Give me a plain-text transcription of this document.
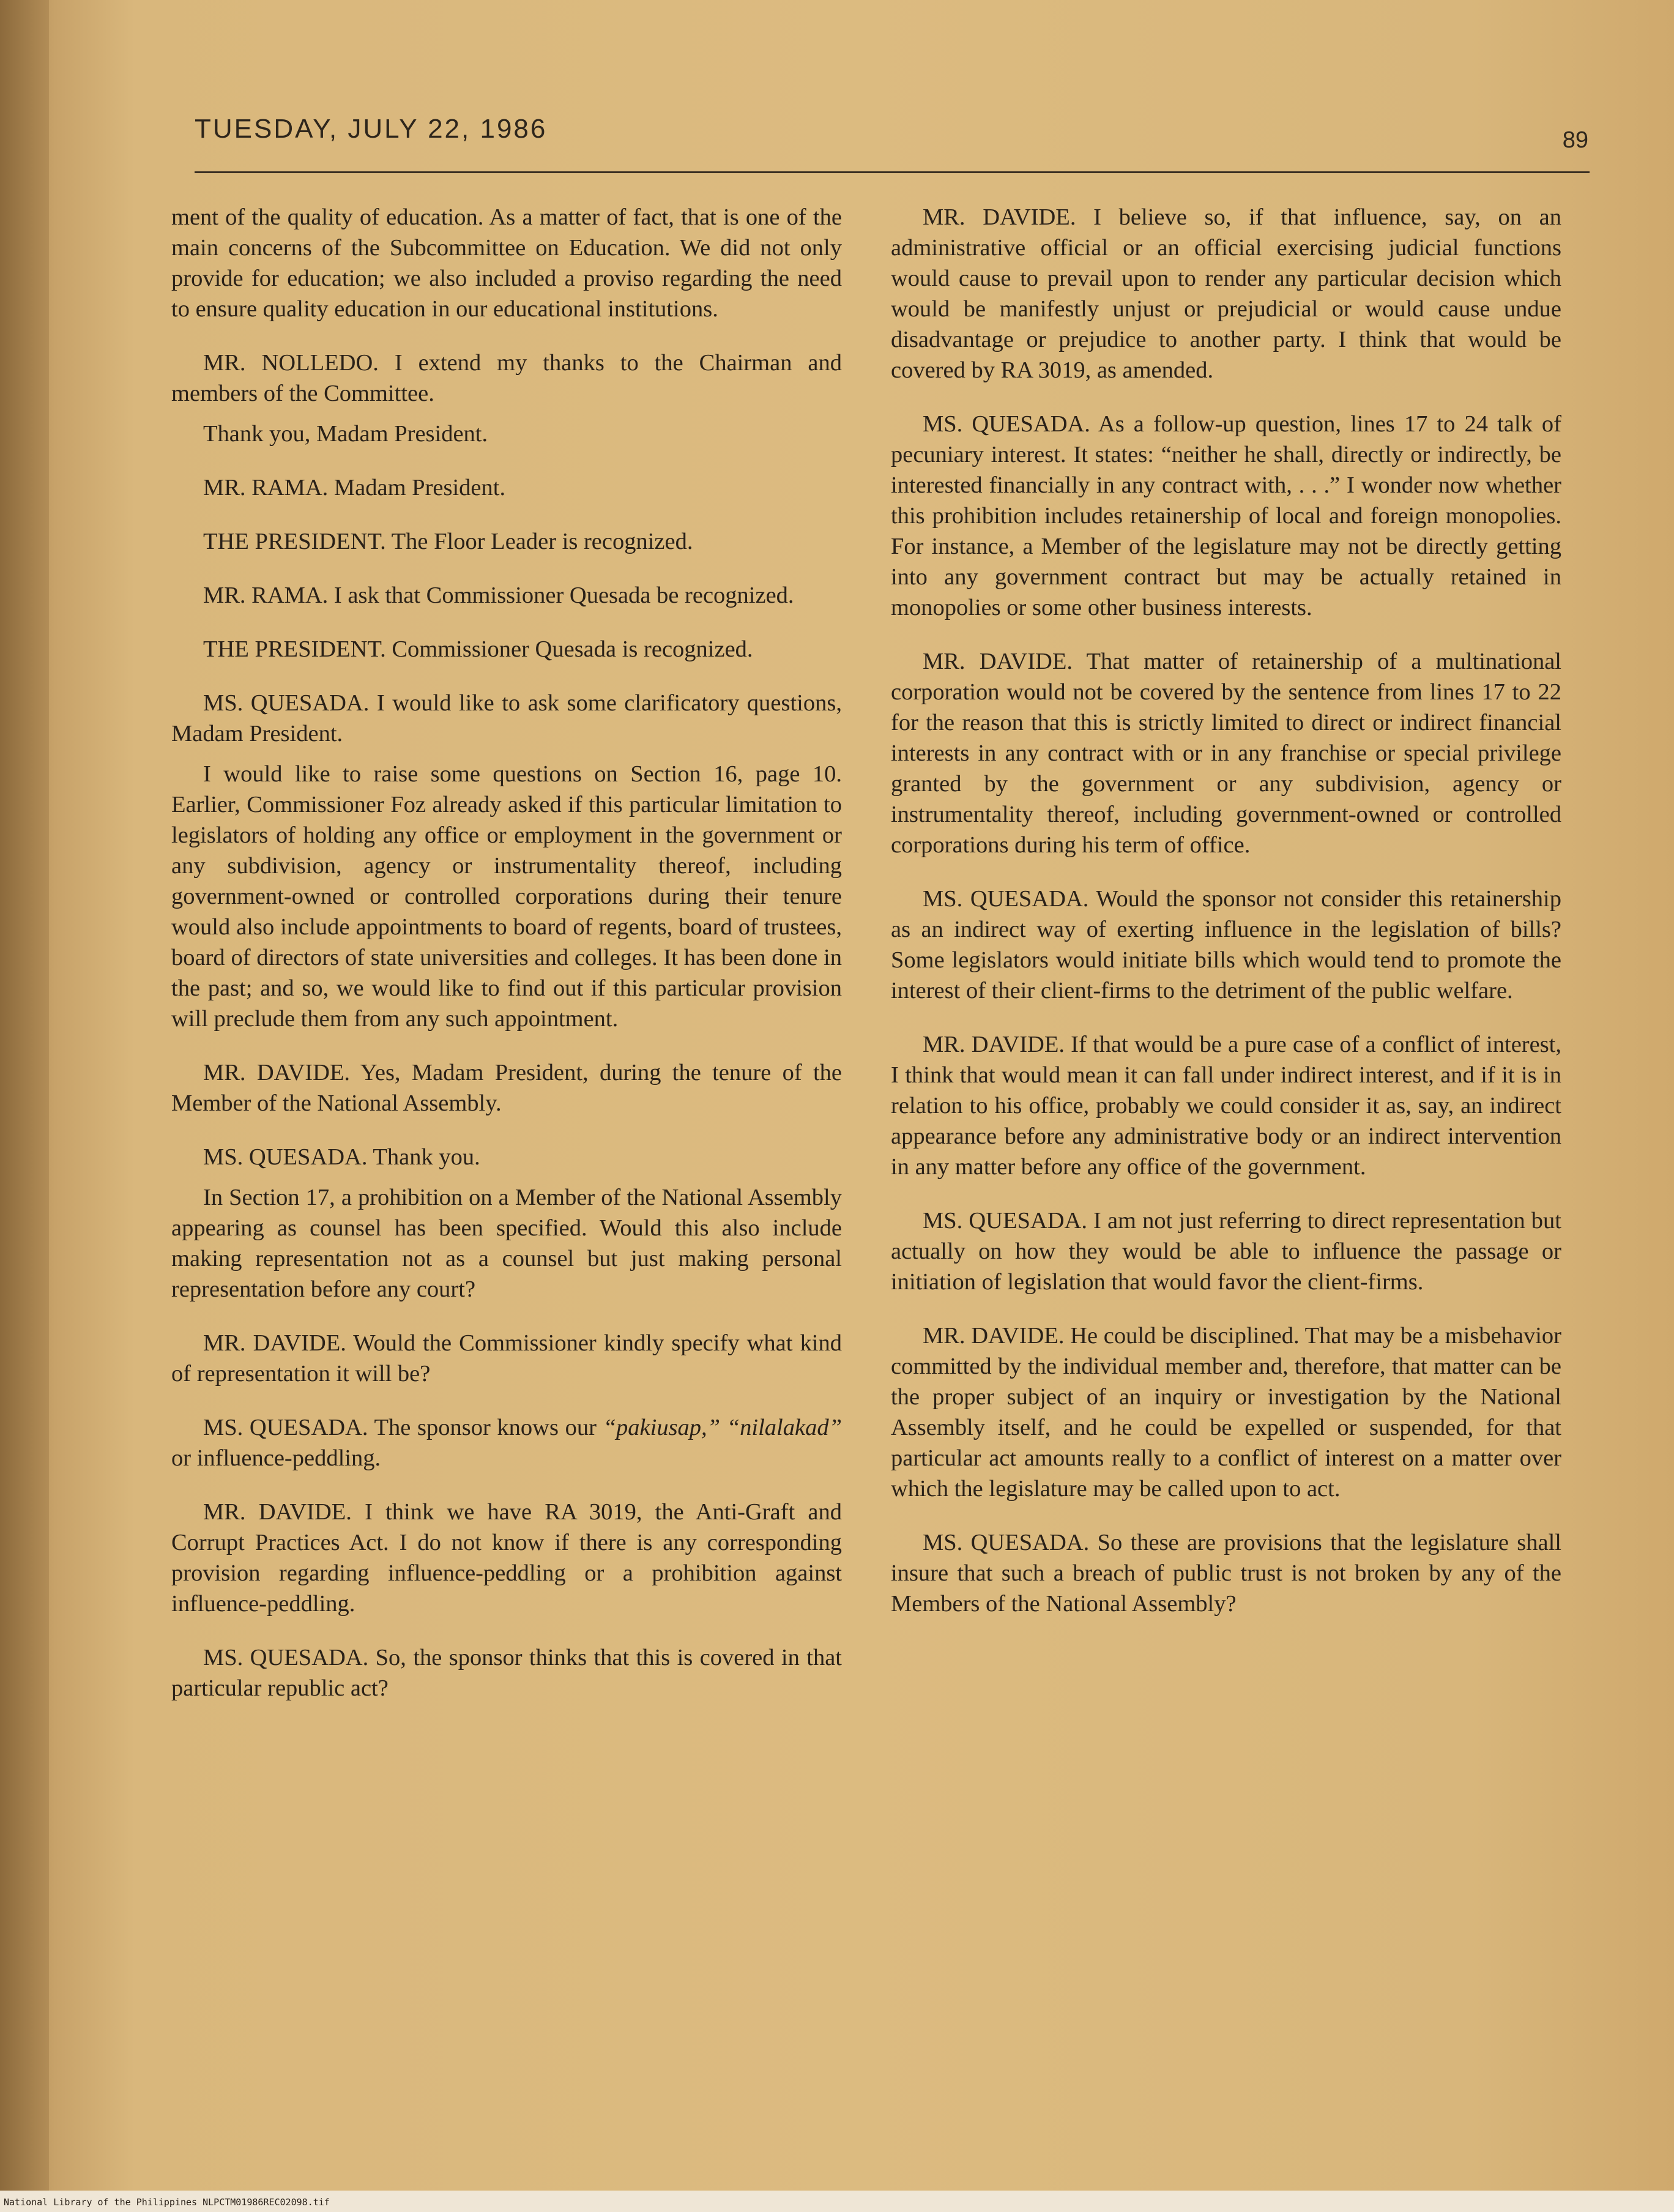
TUESDAY, JULY 22, 1986	89

ment of the quality of education. As a matter of fact, that is one of the main concerns of the Subcommittee on Education. We did not only provide for education; we also included a proviso regarding the need to ensure quality education in our educational institutions.

MR. NOLLEDO. I extend my thanks to the Chairman and members of the Committee.

Thank you, Madam President.

MR. RAMA. Madam President.

THE PRESIDENT. The Floor Leader is recognized.

MR. RAMA. I ask that Commissioner Quesada be recognized.

THE PRESIDENT. Commissioner Quesada is recognized.

MS. QUESADA. I would like to ask some clarificatory questions, Madam President.

I would like to raise some questions on Section 16, page 10. Earlier, Commissioner Foz already asked if this particular limitation to legislators of holding any office or employment in the government or any subdivision, agency or instrumentality thereof, including government-owned or controlled corporations during their tenure would also include appointments to board of regents, board of trustees, board of directors of state universities and colleges. It has been done in the past; and so, we would like to find out if this particular provision will preclude them from any such appointment.

MR. DAVIDE. Yes, Madam President, during the tenure of the Member of the National Assembly.

MS. QUESADA. Thank you.

In Section 17, a prohibition on a Member of the National Assembly appearing as counsel has been specified. Would this also include making representation not as a counsel but just making personal representation before any court?

MR. DAVIDE. Would the Commissioner kindly specify what kind of representation it will be?

MS. QUESADA. The sponsor knows our “pakiusap,” “nilalakad” or influence-peddling.

MR. DAVIDE. I think we have RA 3019, the Anti-Graft and Corrupt Practices Act. I do not know if there is any corresponding provision regarding influence-peddling or a prohibition against influence-peddling.

MS. QUESADA. So, the sponsor thinks that this is covered in that particular republic act?

MR. DAVIDE. I believe so, if that influence, say, on an administrative official or an official exercising judicial functions would cause to prevail upon to render any particular decision which would be manifestly unjust or prejudicial or would cause undue disadvantage or prejudice to another party. I think that would be covered by RA 3019, as amended.

MS. QUESADA. As a follow-up question, lines 17 to 24 talk of pecuniary interest. It states: “neither he shall, directly or indirectly, be interested financially in any contract with, . . .” I wonder now whether this prohibition includes retainership of local and foreign monopolies. For instance, a Member of the legislature may not be directly getting into any government contract but may be actually retained in monopolies or some other business interests.

MR. DAVIDE. That matter of retainership of a multinational corporation would not be covered by the sentence from lines 17 to 22 for the reason that this is strictly limited to direct or indirect financial interests in any contract with or in any franchise or special privilege granted by the government or any subdivision, agency or instrumentality thereof, including government-owned or controlled corporations during his term of office.

MS. QUESADA. Would the sponsor not consider this retainership as an indirect way of exerting influence in the legislation of bills? Some legislators would initiate bills which would tend to promote the interest of their client-firms to the detriment of the public welfare.

MR. DAVIDE. If that would be a pure case of a conflict of interest, I think that would mean it can fall under indirect interest, and if it is in relation to his office, probably we could consider it as, say, an indirect appearance before any administrative body or an indirect intervention in any matter before any office of the government.

MS. QUESADA. I am not just referring to direct representation but actually on how they would be able to influence the passage or initiation of legislation that would favor the client-firms.

MR. DAVIDE. He could be disciplined. That may be a misbehavior committed by the individual member and, therefore, that matter can be the proper subject of an inquiry or investigation by the National Assembly itself, and he could be expelled or suspended, for that particular act amounts really to a conflict of interest on a matter over which the legislature may be called upon to act.

MS. QUESADA. So these are provisions that the legislature shall insure that such a breach of public trust is not broken by any of the Members of the National Assembly?

National Library of the Philippines NLPCTM01986REC02098.tif
